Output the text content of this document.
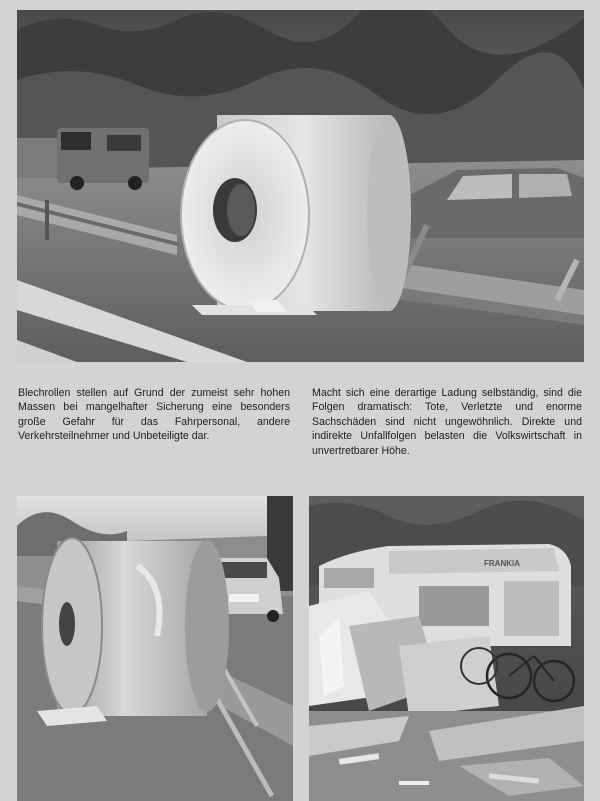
Blechrollen stellen auf Grund der zumeist sehr hohen Massen bei mangelhafter Sicherung eine besonders große Gefahr für das Fahrpersonal, andere Verkehrsteilnehmer und Unbeteiligte dar.

Macht sich eine derartige Ladung selbständig, sind die Folgen dramatisch: Tote, Verletzte und enorme Sachschäden sind nicht ungewöhnlich. Direkte und indirekte Unfallfolgen belasten die Volkswirtschaft in unvertretbarer Höhe.

FRANKIA
